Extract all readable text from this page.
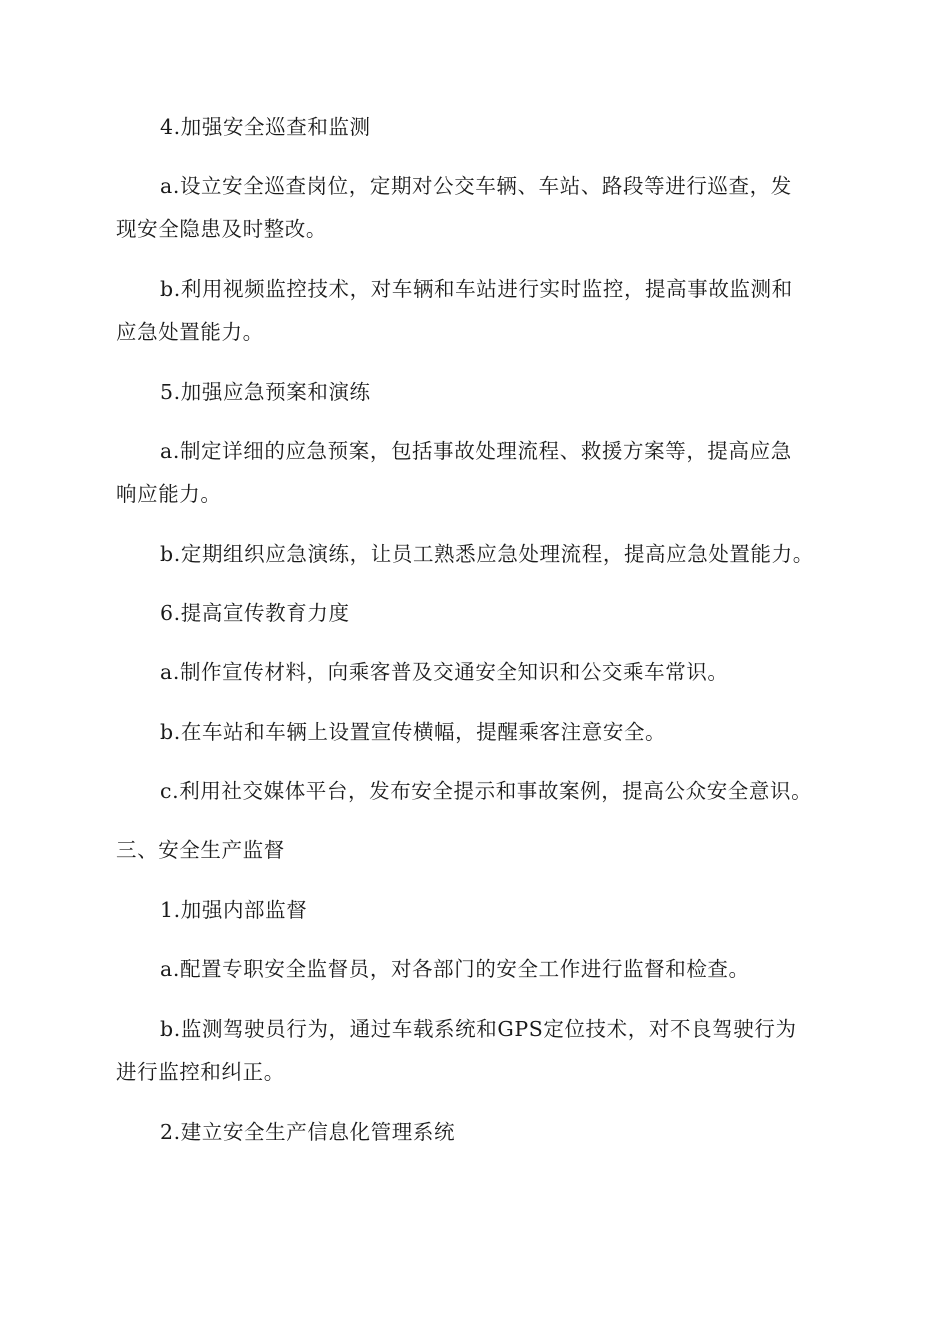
4.加强安全巡查和监测
a.设立安全巡查岗位，定期对公交车辆、车站、路段等进行巡查，发
现安全隐患及时整改。
b.利用视频监控技术，对车辆和车站进行实时监控，提高事故监测和
应急处置能力。
5.加强应急预案和演练
a.制定详细的应急预案，包括事故处理流程、救援方案等，提高应急
响应能力。
b.定期组织应急演练，让员工熟悉应急处理流程，提高应急处置能力。
6.提高宣传教育力度
a.制作宣传材料，向乘客普及交通安全知识和公交乘车常识。
b.在车站和车辆上设置宣传横幅，提醒乘客注意安全。
c.利用社交媒体平台，发布安全提示和事故案例，提高公众安全意识。
三、安全生产监督
1.加强内部监督
a.配置专职安全监督员，对各部门的安全工作进行监督和检查。
b.监测驾驶员行为，通过车载系统和GPS定位技术，对不良驾驶行为
进行监控和纠正。
2.建立安全生产信息化管理系统
